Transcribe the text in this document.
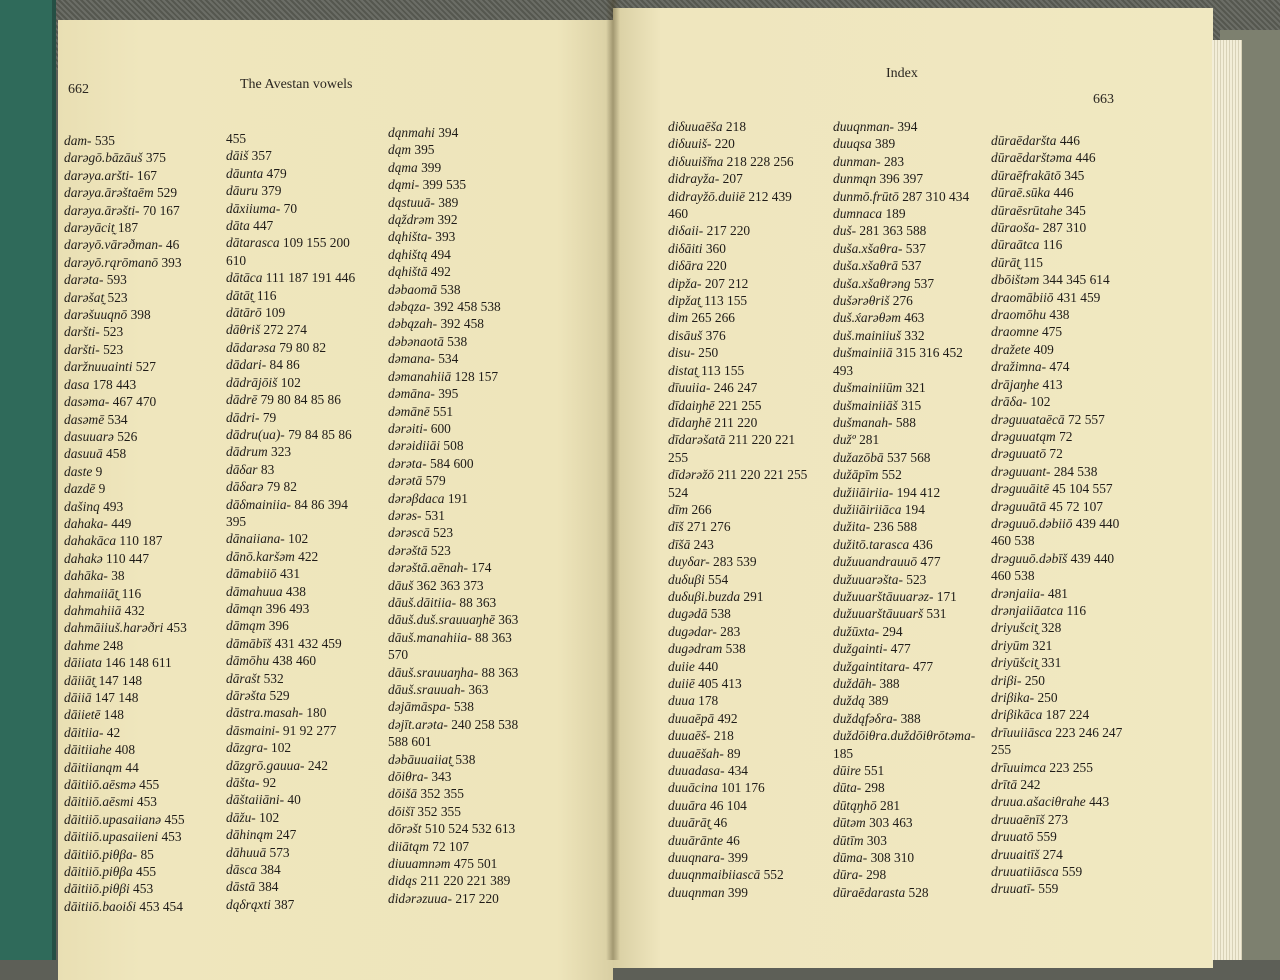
662	The Avestan vowels
dam- 535
darəgō.bāzāuš 375
darəya.aršti- 167
darəya.ārəštaēm 529
darəya.ārəšti- 70 167
darəyācit̰ 187
darəyō.vārəðman- 46
darəyō.rąrōmanō 393
darəta- 593
darəšat̰ 523
darəšuuqnō 398
daršti- 523
daršti- 523
daržnuuainti 527
dasa 178 443
dasəma- 467 470
dasəmē 534
dasuuarə 526
dasuuā 458
daste 9
dazdē 9
dašinq 493
dahaka- 449
dahakāca 110 187
dahakə 110 447
dahāka- 38
dahmaiiāt̰ 116
dahmahiiā 432
dahmāiiuš.harəðri 453
dahme 248
dāiiata 146 148 611
dāiiāt̰ 147 148
dāiiā 147 148
dāiietē 148
dāitiia- 42
dāitiiahe 408
dāitiianąm 44
dāitiiō.aēsmə 455
dāitiiō.aēsmi 453
dāitiiō.upasaiianə 455
dāitiiō.upasaiieni 453
dāitiiō.piθβa- 85
dāitiiō.piθβa 455
dāitiiō.piθβi 453
dāitiiō.baoiδi 453 454
455
dāiš 357
dāunta 479
dāuru 379
dāxiiuma- 70
dāta 447
dātarasca 109 155 200
610
dātāca 111 187 191 446
dātāt̰ 116
dātārō 109
dāθriš 272 274
dādarəsa 79 80 82
dādari- 84 86
dādrājōiš 102
dādrē 79 80 84 85 86
dādri- 79
dādru(ua)- 79 84 85 86
dādrum 323
dāδar 83
dāδarə 79 82
dāδmainiia- 84 86 394
395
dānaiiana- 102
dānō.karšəm 422
dāmabiiō 431
dāmahuua 438
dāmąn 396 493
dāmąm 396
dāmābīš 431 432 459
dāmōhu 438 460
dārašt 532
dārəšta 529
dāstra.masah- 180
dāsmaini- 91 92 277
dāzgra- 102
dāzgrō.gauua- 242
dāšta- 92
dāštaiiāni- 40
dāžu- 102
dāhinąm 247
dāhuuā 573
dāsca 384
dāstā 384
dąδrąxti 387
dąnmahi 394
dąm 395
dąma 399
dąmi- 399 535
dąstuuā- 389
dąždrəm 392
dąhišta- 393
dąhištą 494
dąhištā 492
dəbaomā 538
dəbąza- 392 458 538
dəbązah- 392 458
dəbənaotā 538
dəmana- 534
dəmanahiiā 128 157
dəmāna- 395
dəmānē 551
dərəiti- 600
dərəidiiāi 508
dərəta- 584 600
dərətā 579
dərəβdaca 191
dərəs- 531
dərəscā 523
dərəštā 523
dərəštā.aēnah- 174
dāuš 362 363 373
dāuš.dāitiia- 88 363
dāuš.duš.srauuaŋhē 363
dāuš.manahiia- 88 363
570
dāuš.srauuaŋha- 88 363
dāuš.srauuah- 363
dəjāmāspa- 538
dəjīt.arəta- 240 258 538
588 601
dəbāuuaiiat̰ 538
dōiθra- 343
dōišā 352 355
dōišī 352 355
dōrəšt 510 524 532 613
diiātąm 72 107
diuuamnəm 475 501
didąs 211 220 221 389
didərəzuua- 217 220
Index
663
diδuuaēša 218
diδuuiš- 220
diδuuiš̌ma 218 228 256
didrayža- 207
didrayžō.duiiē 212 439
460
diδaii- 217 220
diδāiti 360
diδāra 220
dipža- 207 212
dipžat̰ 113 155
dim 265 266
disāuš 376
disu- 250
distat̰ 113 155
dīuuiia- 246 247
dīdaiŋhē 221 255
dīdaŋhē 211 220
dīdarəšatā 211 220 221
255
dīdərəžō 211 220 221 255
524
dīm 266
dīš 271 276
dīšā 243
duyδar- 283 539
duδuβi 554
duδuβi.buzda 291
dugədā 538
dugədar- 283
dugədram 538
duiie 440
duiiē 405 413
duua 178
duuaēpā 492
duuaēš- 218
duuaēšah- 89
duuadasa- 434
duuācina 101 176
duuāra 46 104
duuārāt̰ 46
duuārānte 46
duuqnara- 399
duuqnmaibiiascā 552
duuqnman 399
duuqnman- 394
duuqsa 389
dunman- 283
dunmąn 396 397
dunmō.frūtō 287 310 434
dumnaca 189
duš- 281 363 588
duša.xšaθra- 537
duša.xšaθrā 537
duša.xšaθrəng 537
dušərəθriš 276
duš.x́arəθəm 463
duš.mainiiuš 332
dušmainiiā 315 316 452
493
dušmainiiūm 321
dušmainiiāš 315
dušmanah- 588
dužº 281
dužazōbā 537 568
dužāpīm 552
dužiiāiriia- 194 412
dužiiāiriiāca 194
dužita- 236 588
dužitō.tarasca 436
dužuuandrauuō 477
dužuuarəšta- 523
dužuuarštāuuarəz- 171
dužuuarštāuuarš 531
dužūxta- 294
dužgainti- 477
dužgaintitara- 477
duždāh- 388
duždą 389
duždąfəδra- 388
duždōiθra.duždōiθrōtəma-
185
dūire 551
dūta- 298
dūtąŋhō 281
dūtəm 303 463
dūtīm 303
dūma- 308 310
dūra- 298
dūraēdarasta 528
dūraēdaršta 446
dūraēdarštəma 446
dūraēfrakātō 345
dūraē.sūka 446
dūraēsrūtahe 345
dūraoša- 287 310
dūraātca 116
dūrāt̰ 115
dbōištəm 344 345 614
draomābiiō 431 459
draomōhu 438
draomne 475
dražete 409
dražimna- 474
drājaŋhe 413
drāδa- 102
drəguuataēcā 72 557
drəguuatąm 72
drəguuatō 72
drəguuant- 284 538
drəguuāitē 45 104 557
drəguuātā 45 72 107
drəguuō.dəbiiō 439 440
460 538
drəguuō.dəbīš 439 440
460 538
drənjaiia- 481
drənjaiiāatca 116
driyušcit̰ 328
driyūm 321
driyūšcit̰ 331
driβi- 250
driβika- 250
driβikāca 187 224
drīuuiiāsca 223 246 247
255
drīuuimca 223 255
drītā 242
druua.ašaciθrahe 443
druuaēnīš 273
druuatō 559
druuaitīš 274
druuatiiāsca 559
druuatī- 559
